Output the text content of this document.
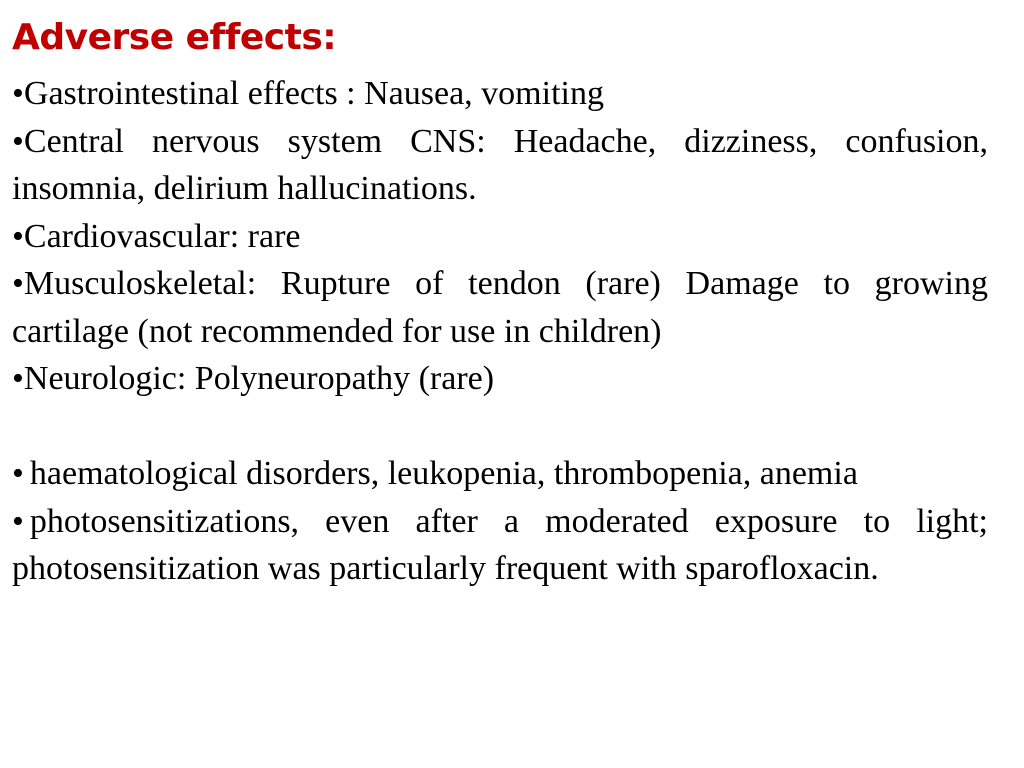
Adverse effects:

•Gastrointestinal effects : Nausea, vomiting

•Central nervous system CNS: Headache, dizziness, confusion, insomnia, delirium hallucinations.

•Cardiovascular: rare

•Musculoskeletal: Rupture of tendon (rare) Damage to growing cartilage (not recommended for use in children)

•Neurologic: Polyneuropathy (rare)

• haematological disorders, leukopenia, thrombopenia, anemia

• photosensitizations, even after a moderated exposure to light; photosensitization was particularly frequent with sparofloxacin.
